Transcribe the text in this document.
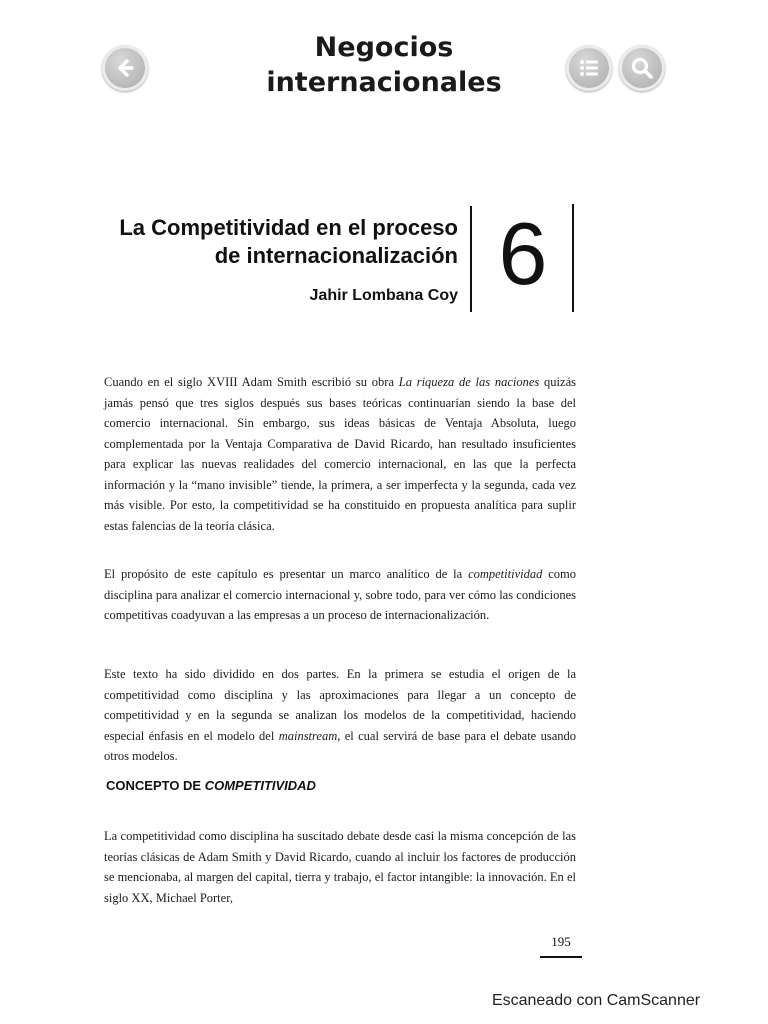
Negocios
internacionales
La Competitividad en el proceso
de internacionalización
Jahir Lombana Coy 6

Cuando en el siglo XVIII Adam Smith escribió su obra La riqueza de las naciones quizás jamás pensó que tres siglos después sus bases teóricas continuarían siendo la base del comercio internacional. Sin embargo, sus ideas básicas de Ventaja Absoluta, luego complementada por la Ventaja Comparativa de David Ricardo, han resultado insuficientes para explicar las nuevas realidades del comercio internacional, en las que la perfecta información y la “mano invisible” tiende, la primera, a ser imperfecta y la segunda, cada vez más visible. Por esto, la competitividad se ha constituido en propuesta analítica para suplir estas falencias de la teoría clásica.

El propósito de este capítulo es presentar un marco analítico de la competitividad como disciplina para analizar el comercio internacional y, sobre todo, para ver cómo las condiciones competitivas coadyuvan a las empresas a un proceso de internacionalización.

Este texto ha sido dividido en dos partes. En la primera se estudia el origen de la competitividad como disciplina y las aproximaciones para llegar a un concepto de competitividad y en la segunda se analizan los modelos de la competitividad, haciendo especial énfasis en el modelo del mainstream, el cual servirá de base para el debate usando otros modelos.

CONCEPTO DE COMPETITIVIDAD

La competitividad como disciplina ha suscitado debate desde casi la misma concepción de las teorías clásicas de Adam Smith y David Ricardo, cuando al incluir los factores de producción se mencionaba, al margen del capital, tierra y trabajo, el factor intangible: la innovación. En el siglo XX, Michael Porter,

195
Escaneado con CamScanner
